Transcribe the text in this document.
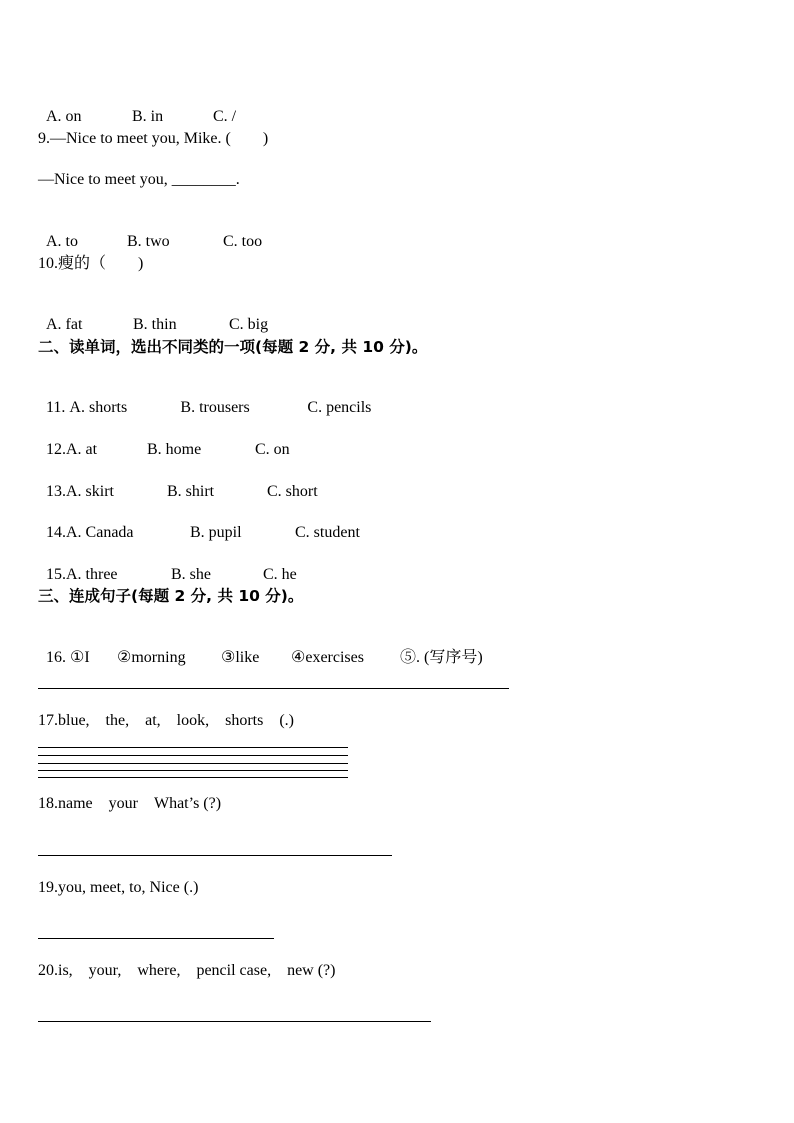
A. on	B. in	C. /

9.—Nice to meet you, Mike. (　　)
—Nice to meet you, ________.

A. to	B. two	C. too

10.瘦的（　　)

A. fat	B. thin	C. big

二、读单词，选出不同类的一项(每题 2 分, 共 10 分)。

11. A. shorts	B. trousers	C. pencils

12.A. at	B. home	C. on

13.A. skirt	B. shirt	C. short

14.A. Canada	B. pupil	C. student

15.A. three	B. she	C. he

三、连成句子(每题 2 分, 共 10 分)。

16. ①I ②morning ③like ④exercises ⑤. (写序号)

17.blue,　the,　at,　look,　shorts　(.)
18.name　your　What’s (?)
19.you, meet, to, Nice (.)
20.is,　your,　where,　pencil case,　new (?)
